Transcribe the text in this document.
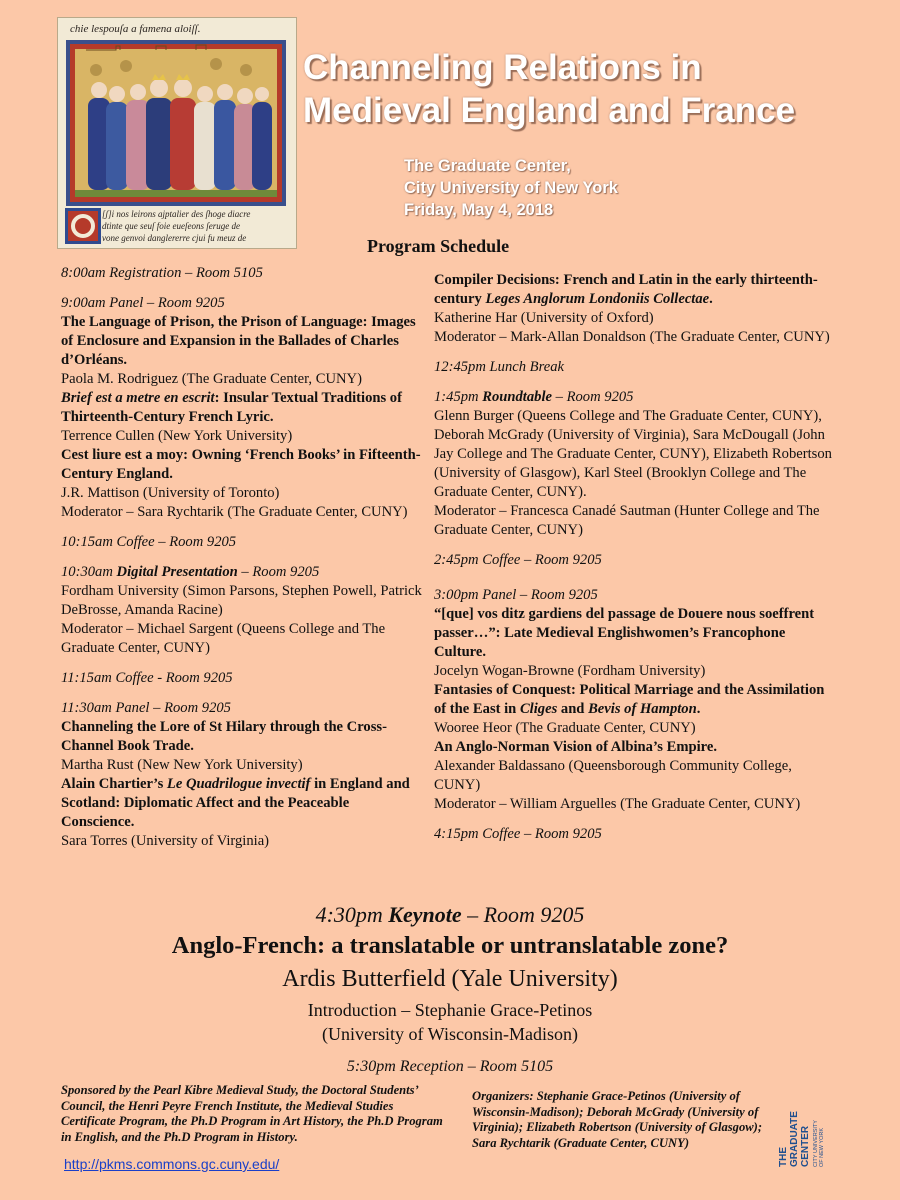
chie lespouſa a famena aloiſſ.
[ʃ]i nos leirons ajptalier des ſhoge diacre
dtinte que seuſ foie eueſeons ſeruge de
vone genvoi danglererre cjui fu meuz de
Channeling Relations in
Medieval England and France
The Graduate Center,
City University of New York
Friday, May 4, 2018
Program Schedule
8:00am Registration – Room 5105
9:00am Panel – Room 9205
The Language of Prison, the Prison of Language: Images of Enclosure and Expansion in the Ballades of Charles d’Orléans.
Paola M. Rodriguez (The Graduate Center, CUNY)
Brief est a metre en escrit: Insular Textual Traditions of Thirteenth-Century French Lyric.
Terrence Cullen (New York University)
Cest liure est a moy: Owning ‘French Books’ in Fifteenth-Century England.
J.R. Mattison (University of Toronto)
Moderator – Sara Rychtarik (The Graduate Center, CUNY)
10:15am Coffee – Room 9205
10:30am Digital Presentation – Room 9205
Fordham University (Simon Parsons, Stephen Powell, Patrick DeBrosse, Amanda Racine)
Moderator – Michael Sargent (Queens College and The Graduate Center, CUNY)
11:15am Coffee - Room 9205
11:30am Panel – Room 9205
Channeling the Lore of St Hilary through the Cross-Channel Book Trade.
Martha Rust (New New York University)
Alain Chartier’s Le Quadrilogue invectif in England and Scotland: Diplomatic Affect and the Peaceable Conscience.
Sara Torres (University of Virginia)
Compiler Decisions: French and Latin in the early thirteenth-century Leges Anglorum Londoniis Collectae.
Katherine Har (University of Oxford)
Moderator – Mark-Allan Donaldson (The Graduate Center, CUNY)
12:45pm Lunch Break
1:45pm Roundtable – Room 9205
Glenn Burger (Queens College and The Graduate Center, CUNY), Deborah McGrady (University of Virginia), Sara McDougall (John Jay College and The Graduate Center, CUNY), Elizabeth Robertson (University of Glasgow), Karl Steel (Brooklyn College and The Graduate Center, CUNY).
Moderator – Francesca Canadé Sautman (Hunter College and The Graduate Center, CUNY)
2:45pm Coffee – Room 9205
3:00pm Panel – Room 9205
“[que] vos ditz gardiens del passage de Douere nous soeffrent passer…”: Late Medieval Englishwomen’s Francophone Culture.
Jocelyn Wogan-Browne (Fordham University)
Fantasies of Conquest: Political Marriage and the Assimilation of the East in Cliges and Bevis of Hampton.
Wooree Heor (The Graduate Center, CUNY)
An Anglo-Norman Vision of Albina’s Empire.
Alexander Baldassano (Queensborough Community College, CUNY)
Moderator – William Arguelles (The Graduate Center, CUNY)
4:15pm Coffee – Room 9205
4:30pm Keynote – Room 9205
Anglo-French: a translatable or untranslatable zone?
Ardis Butterfield (Yale University)
Introduction – Stephanie Grace-Petinos
(University of Wisconsin-Madison)
5:30pm Reception – Room 5105
Sponsored by the Pearl Kibre Medieval Study, the Doctoral Students’ Council, the Henri Peyre French Institute, the Medieval Studies Certificate Program, the Ph.D Program in Art History, the Ph.D Program in English, and the Ph.D Program in History.
http://pkms.commons.gc.cuny.edu/
Organizers: Stephanie Grace-Petinos (University of Wisconsin-Madison); Deborah McGrady (University of Virginia); Elizabeth Robertson (University of Glasgow); Sara Rychtarik (Graduate Center, CUNY)
THE GRADUATE CENTER CITY UNIVERSITY OF NEW YORK
